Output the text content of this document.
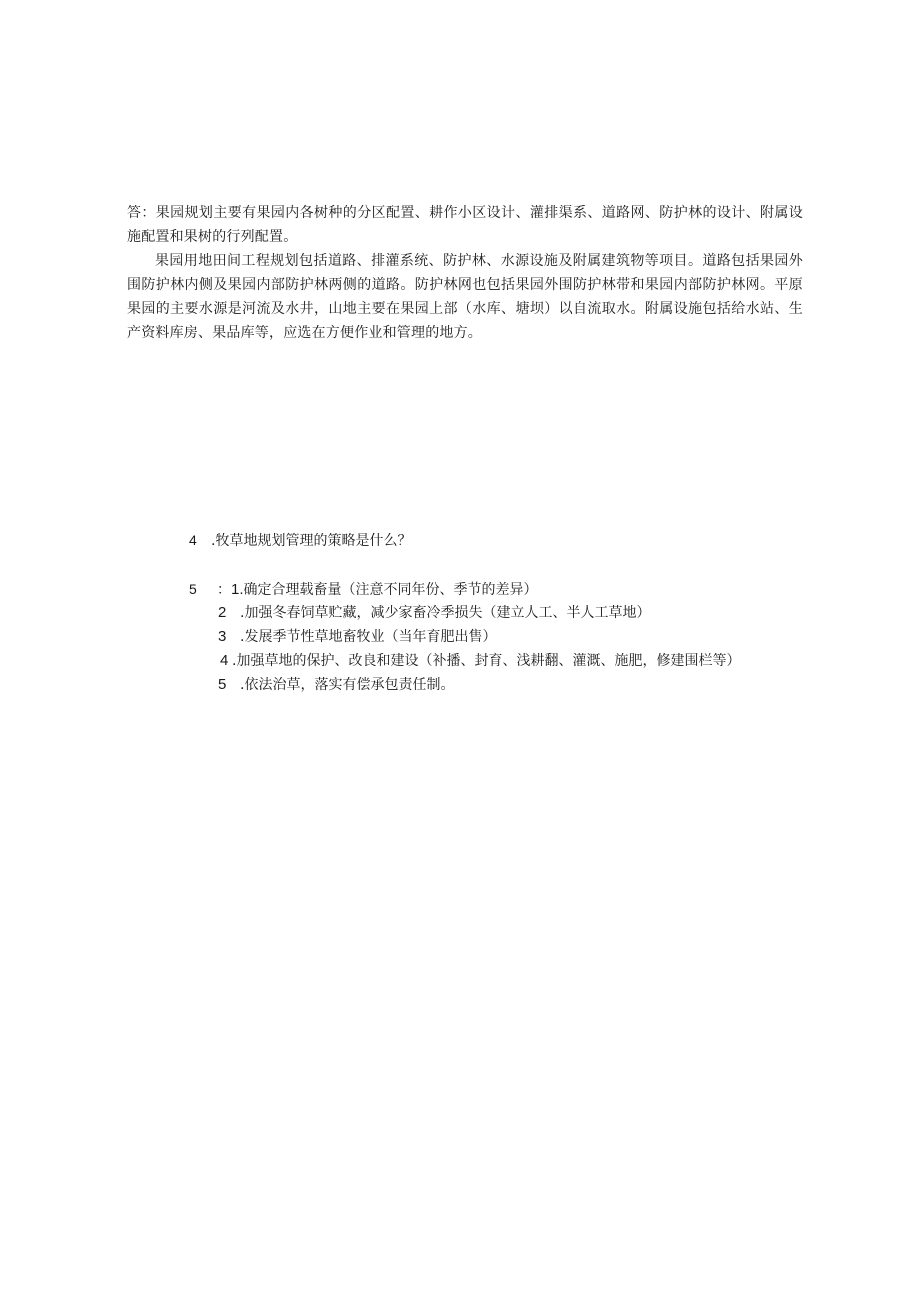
答：果园规划主要有果园内各树种的分区配置、耕作小区设计、灌排渠系、道路网、防护林的设计、附属设施配置和果树的行列配置。

果园用地田间工程规划包括道路、排灌系统、防护林、水源设施及附属建筑物等项目。道路包括果园外围防护林内侧及果园内部防护林两侧的道路。防护林网也包括果园外围防护林带和果园内部防护林网。平原果园的主要水源是河流及水井，山地主要在果园上部（水库、塘坝）以自流取水。附属设施包括给水站、生产资料库房、果品库等，应选在方便作业和管理的地方。

4 .牧草地规划管理的策略是什么？
5 ：1.确定合理载畜量（注意不同年份、季节的差异）
2 .加强冬春饲草贮藏，减少家畜冷季损失（建立人工、半人工草地）
3 .发展季节性草地畜牧业（当年育肥出售）
4 .加强草地的保护、改良和建设（补播、封育、浅耕翻、灌溉、施肥，修建围栏等）
5 .依法治草，落实有偿承包责任制。
